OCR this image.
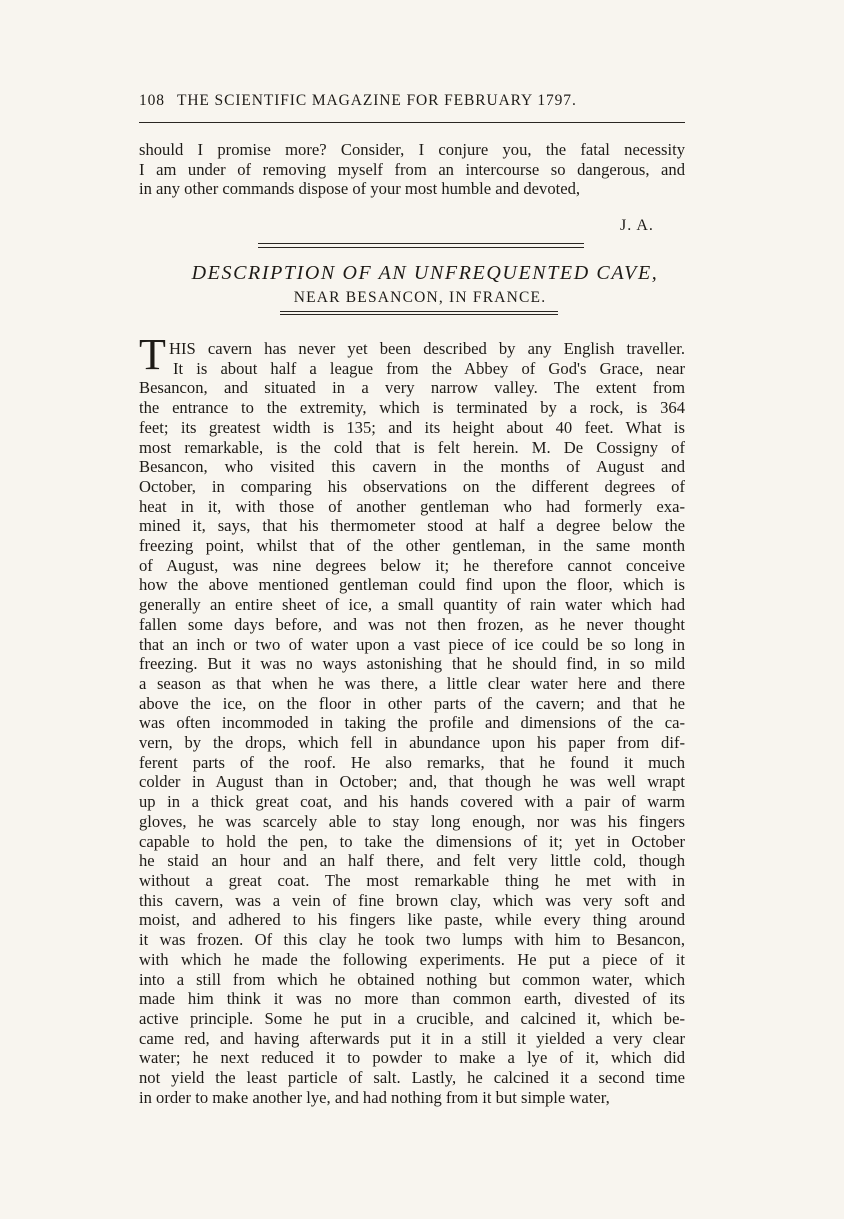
108 THE SCIENTIFIC MAGAZINE FOR FEBRUARY 1797.
should I promise more? Consider, I conjure you, the fatal necessity
I am under of removing myself from an intercourse so dangerous, and
in any other commands dispose of your most humble and devoted,
J. A.
DESCRIPTION OF AN UNFREQUENTED CAVE,
NEAR BESANCON, IN FRANCE.
T HIS cavern has never yet been described by any English traveller.
It is about half a league from the Abbey of God's Grace, near
Besancon, and situated in a very narrow valley. The extent from
the entrance to the extremity, which is terminated by a rock, is 364
feet; its greatest width is 135; and its height about 40 feet. What is
most remarkable, is the cold that is felt herein. M. De Cossigny of
Besancon, who visited this cavern in the months of August and
October, in comparing his observations on the different degrees of
heat in it, with those of another gentleman who had formerly exa-
mined it, says, that his thermometer stood at half a degree below the
freezing point, whilst that of the other gentleman, in the same month
of August, was nine degrees below it; he therefore cannot conceive
how the above mentioned gentleman could find upon the floor, which is
generally an entire sheet of ice, a small quantity of rain water which had
fallen some days before, and was not then frozen, as he never thought
that an inch or two of water upon a vast piece of ice could be so long in
freezing. But it was no ways astonishing that he should find, in so mild
a season as that when he was there, a little clear water here and there
above the ice, on the floor in other parts of the cavern; and that he
was often incommoded in taking the profile and dimensions of the ca-
vern, by the drops, which fell in abundance upon his paper from dif-
ferent parts of the roof. He also remarks, that he found it much
colder in August than in October; and, that though he was well wrapt
up in a thick great coat, and his hands covered with a pair of warm
gloves, he was scarcely able to stay long enough, nor was his fingers
capable to hold the pen, to take the dimensions of it; yet in October
he staid an hour and an half there, and felt very little cold, though
without a great coat. The most remarkable thing he met with in
this cavern, was a vein of fine brown clay, which was very soft and
moist, and adhered to his fingers like paste, while every thing around
it was frozen. Of this clay he took two lumps with him to Besancon,
with which he made the following experiments. He put a piece of it
into a still from which he obtained nothing but common water, which
made him think it was no more than common earth, divested of its
active principle. Some he put in a crucible, and calcined it, which be-
came red, and having afterwards put it in a still it yielded a very clear
water; he next reduced it to powder to make a lye of it, which did
not yield the least particle of salt. Lastly, he calcined it a second time
in order to make another lye, and had nothing from it but simple water,
